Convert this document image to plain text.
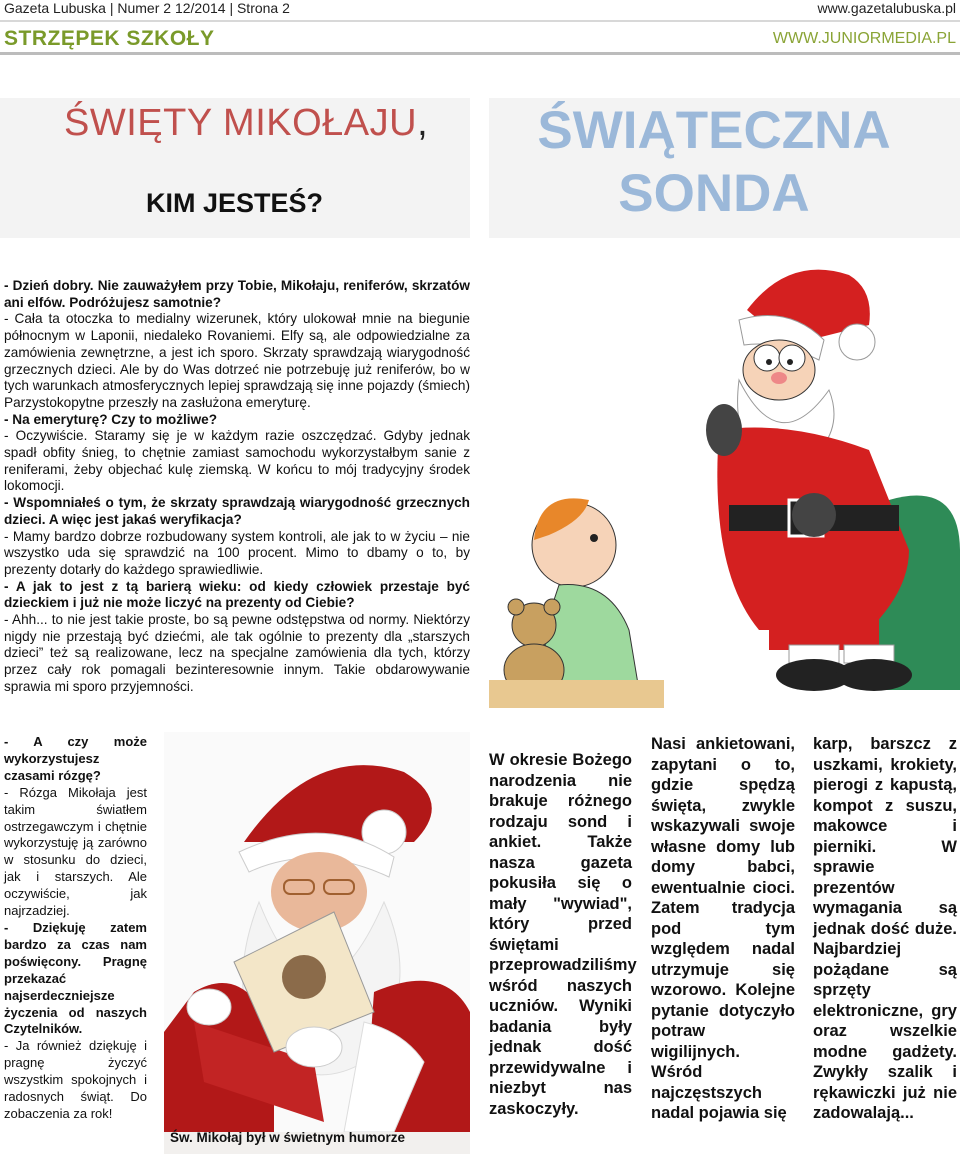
Gazeta Lubuska | Numer 2 12/2014 | Strona 2	www.gazetalubuska.pl
STRZĘPEK SZKOŁY	WWW.JUNIORMEDIA.PL
ŚWIĘTY MIKOŁAJU,
KIM JESTEŚ?
ŚWIĄTECZNA
SONDA

- Dzień dobry. Nie zauważyłem przy Tobie, Mikołaju, reniferów, skrzatów ani elfów. Podróżujesz samotnie?

- Cała ta otoczka to medialny wizerunek, który ulokował mnie na biegunie północnym w Laponii, niedaleko Rovaniemi. Elfy są, ale odpowiedzialne za zamówienia zewnętrzne, a jest ich sporo. Skrzaty sprawdzają wiarygodność grzecznych dzieci. Ale by do Was dotrzeć nie potrzebuję już reniferów, bo w tych warunkach atmosferycznych lepiej sprawdzają się inne pojazdy (śmiech) Parzystokopytne przeszły na zasłużona emeryturę.

- Na emeryturę? Czy to możliwe?

- Oczywiście. Staramy się je w każdym razie oszczędzać. Gdyby jednak spadł obfity śnieg, to chętnie zamiast samochodu wykorzystałbym sanie z reniferami, żeby objechać kulę ziemską. W końcu to mój tradycyjny środek lokomocji.

- Wspomniałeś o tym, że skrzaty sprawdzają wiarygodność grzecznych dzieci. A więc jest jakaś weryfikacja?

- Mamy bardzo dobrze rozbudowany system kontroli, ale jak to w życiu – nie wszystko uda się sprawdzić na 100 procent. Mimo to dbamy o to, by prezenty dotarły do każdego sprawiedliwie.

- A jak to jest z tą barierą wieku: od kiedy człowiek przestaje być dzieckiem i już nie może liczyć na prezenty od Ciebie?

- Ahh... to nie jest takie proste, bo są pewne odstępstwa od normy. Niektórzy nigdy nie przestają być dziećmi, ale tak ogólnie to prezenty dla „starszych dzieci” też są realizowane, lecz na specjalne zamówienia dla tych, którzy przez cały rok pomagali bezinteresownie innym. Takie obdarowywanie sprawia mi sporo przyjemności.

- A czy może wykorzystujesz czasami rózgę?

- Rózga Mikołaja jest takim światłem ostrzegawczym i chętnie wykorzystuję ją zarówno w stosunku do dzieci, jak i starszych. Ale oczywiście, jak najrzadziej.

- Dziękuję zatem bardzo za czas nam poświęcony. Pragnę przekazać najserdeczniejsze życzenia od naszych Czytelników.

- Ja również dziękuję i pragnę życzyć wszystkim spokojnych i radosnych świąt. Do zobaczenia za rok!

Św. Mikołaj był w świetnym humorze
W okresie Bożego narodzenia nie brakuje różnego rodzaju sond i ankiet. Także nasza gazeta pokusiła się o mały "wywiad", który przed świętami przeprowadziliśmy wśród naszych uczniów. Wyniki badania były jednak dość przewidywalne i niezbyt nas zaskoczyły.
Nasi ankietowani, zapytani o to, gdzie spędzą święta, zwykle wskazywali swoje własne domy lub domy babci, ewentualnie cioci. Zatem tradycja pod tym względem nadal utrzymuje się wzorowo. Kolejne pytanie dotyczyło potraw wigilijnych. Wśród najczęstszych nadal pojawia się
karp, barszcz z uszkami, krokiety, pierogi z kapustą, kompot z suszu, makowce i pierniki. W sprawie prezentów wymagania są jednak dość duże. Najbardziej pożądane są sprzęty elektroniczne, gry oraz wszelkie modne gadżety. Zwykły szalik i rękawiczki już nie zadowalają...
